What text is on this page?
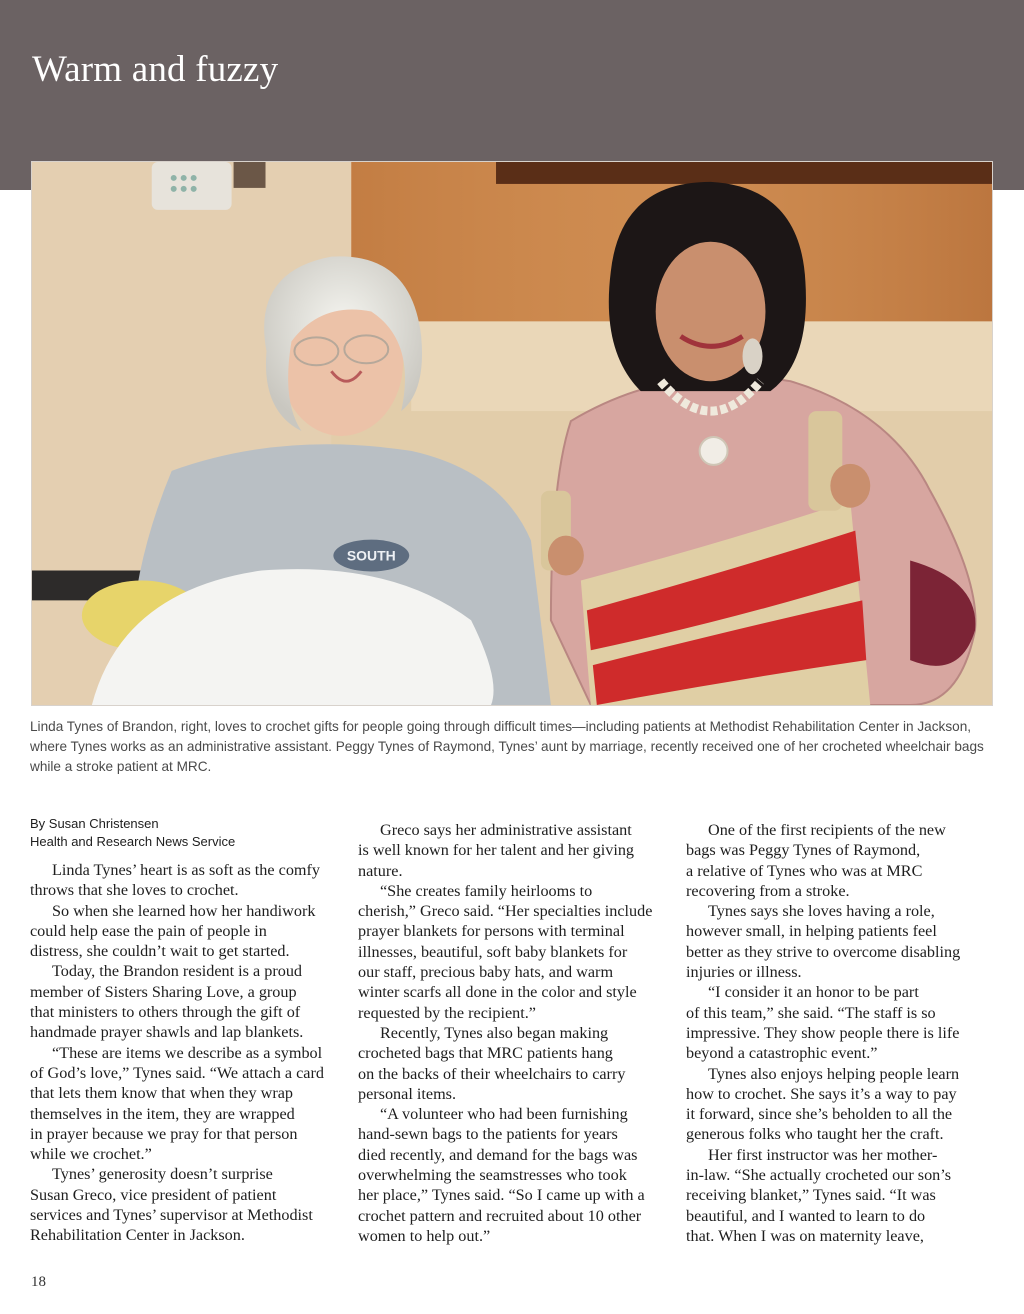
Warm and fuzzy
SOUTH
Linda Tynes of Brandon, right, loves to crochet gifts for people going through difficult times—including patients at Methodist Rehabilitation Center in Jackson,
where Tynes works as an administrative assistant. Peggy Tynes of Raymond, Tynes’ aunt by marriage, recently received one of her crocheted wheelchair bags
while a stroke patient at MRC.
By Susan Christensen
Health and Research News Service
Linda Tynes’ heart is as soft as the comfy
throws that she loves to crochet.
So when she learned how her handiwork
could help ease the pain of people in
distress, she couldn’t wait to get started.
Today, the Brandon resident is a proud
member of Sisters Sharing Love, a group
that ministers to others through the gift of
handmade prayer shawls and lap blankets.
“These are items we describe as a symbol
of God’s love,” Tynes said. “We attach a card
that lets them know that when they wrap
themselves in the item, they are wrapped
in prayer because we pray for that person
while we crochet.”
Tynes’ generosity doesn’t surprise
Susan Greco, vice president of patient
services and Tynes’ supervisor at Methodist
Rehabilitation Center in Jackson.
Greco says her administrative assistant
is well known for her talent and her giving
nature.
“She creates family heirlooms to
cherish,” Greco said. “Her specialties include
prayer blankets for persons with terminal
illnesses, beautiful, soft baby blankets for
our staff, precious baby hats, and warm
winter scarfs all done in the color and style
requested by the recipient.”
Recently, Tynes also began making
crocheted bags that MRC patients hang
on the backs of their wheelchairs to carry
personal items.
“A volunteer who had been furnishing
hand-sewn bags to the patients for years
died recently, and demand for the bags was
overwhelming the seamstresses who took
her place,” Tynes said. “So I came up with a
crochet pattern and recruited about 10 other
women to help out.”
One of the first recipients of the new
bags was Peggy Tynes of Raymond,
a relative of Tynes who was at MRC
recovering from a stroke.
Tynes says she loves having a role,
however small, in helping patients feel
better as they strive to overcome disabling
injuries or illness.
“I consider it an honor to be part
of this team,” she said. “The staff is so
impressive. They show people there is life
beyond a catastrophic event.”
Tynes also enjoys helping people learn
how to crochet. She says it’s a way to pay
it forward, since she’s beholden to all the
generous folks who taught her the craft.
Her first instructor was her mother-
in-law. “She actually crocheted our son’s
receiving blanket,” Tynes said. “It was
beautiful, and I wanted to learn to do
that. When I was on maternity leave,
18
